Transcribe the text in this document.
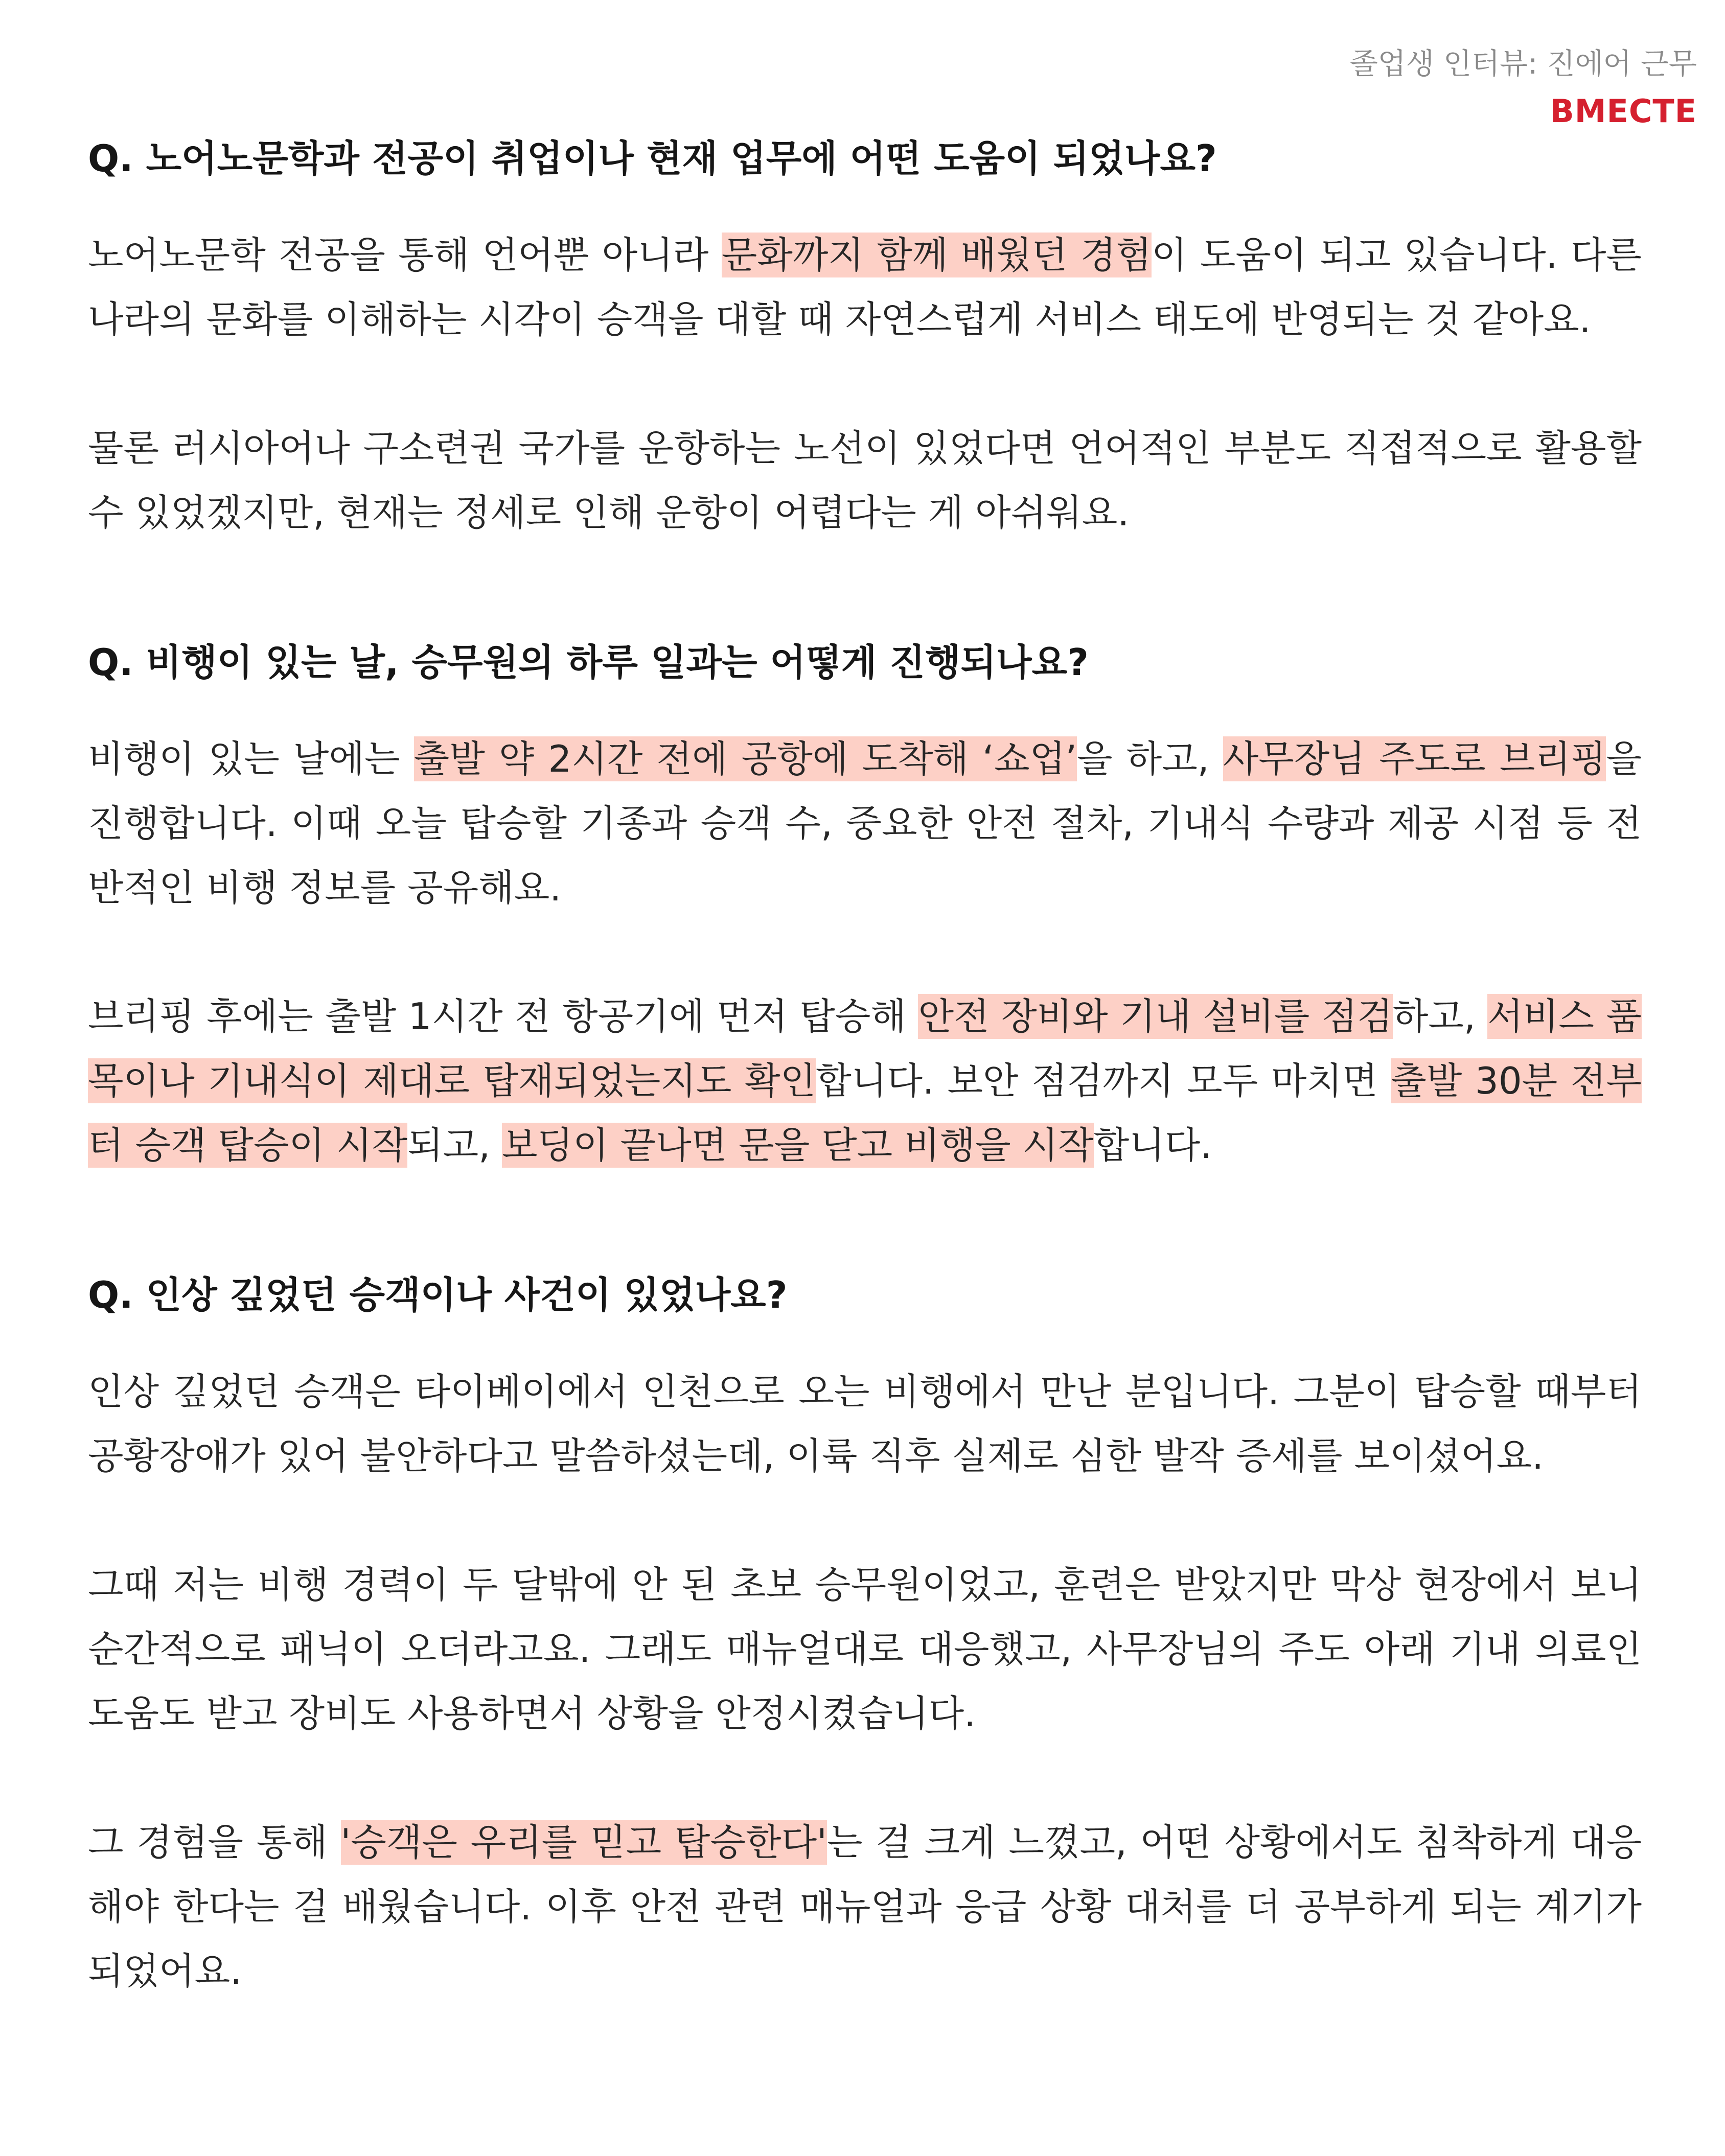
졸업생 인터뷰: 진에어 근무
BMECTE
Q. 노어노문학과 전공이 취업이나 현재 업무에 어떤 도움이 되었나요?

노어노문학 전공을 통해 언어뿐 아니라 문화까지 함께 배웠던 경험이 도움이 되고 있습니다. 다른 나라의 문화를 이해하는 시각이 승객을 대할 때 자연스럽게 서비스 태도에 반영되는 것 같아요.

물론 러시아어나 구소련권 국가를 운항하는 노선이 있었다면 언어적인 부분도 직접적으로 활용할 수 있었겠지만, 현재는 정세로 인해 운항이 어렵다는 게 아쉬워요.

Q. 비행이 있는 날, 승무원의 하루 일과는 어떻게 진행되나요?

비행이 있는 날에는 출발 약 2시간 전에 공항에 도착해 ‘쇼업’을 하고, 사무장님 주도로 브리핑을 진행합니다. 이때 오늘 탑승할 기종과 승객 수, 중요한 안전 절차, 기내식 수량과 제공 시점 등 전반적인 비행 정보를 공유해요.

브리핑 후에는 출발 1시간 전 항공기에 먼저 탑승해 안전 장비와 기내 설비를 점검하고, 서비스 품목이나 기내식이 제대로 탑재되었는지도 확인합니다. 보안 점검까지 모두 마치면 출발 30분 전부터 승객 탑승이 시작되고, 보딩이 끝나면 문을 닫고 비행을 시작합니다.

Q. 인상 깊었던 승객이나 사건이 있었나요?

인상 깊었던 승객은 타이베이에서 인천으로 오는 비행에서 만난 분입니다. 그분이 탑승할 때부터 공황장애가 있어 불안하다고 말씀하셨는데, 이륙 직후 실제로 심한 발작 증세를 보이셨어요.

그때 저는 비행 경력이 두 달밖에 안 된 초보 승무원이었고, 훈련은 받았지만 막상 현장에서 보니 순간적으로 패닉이 오더라고요. 그래도 매뉴얼대로 대응했고, 사무장님의 주도 아래 기내 의료인 도움도 받고 장비도 사용하면서 상황을 안정시켰습니다.

그 경험을 통해 '승객은 우리를 믿고 탑승한다'는 걸 크게 느꼈고, 어떤 상황에서도 침착하게 대응해야 한다는 걸 배웠습니다. 이후 안전 관련 매뉴얼과 응급 상황 대처를 더 공부하게 되는 계기가 되었어요.
